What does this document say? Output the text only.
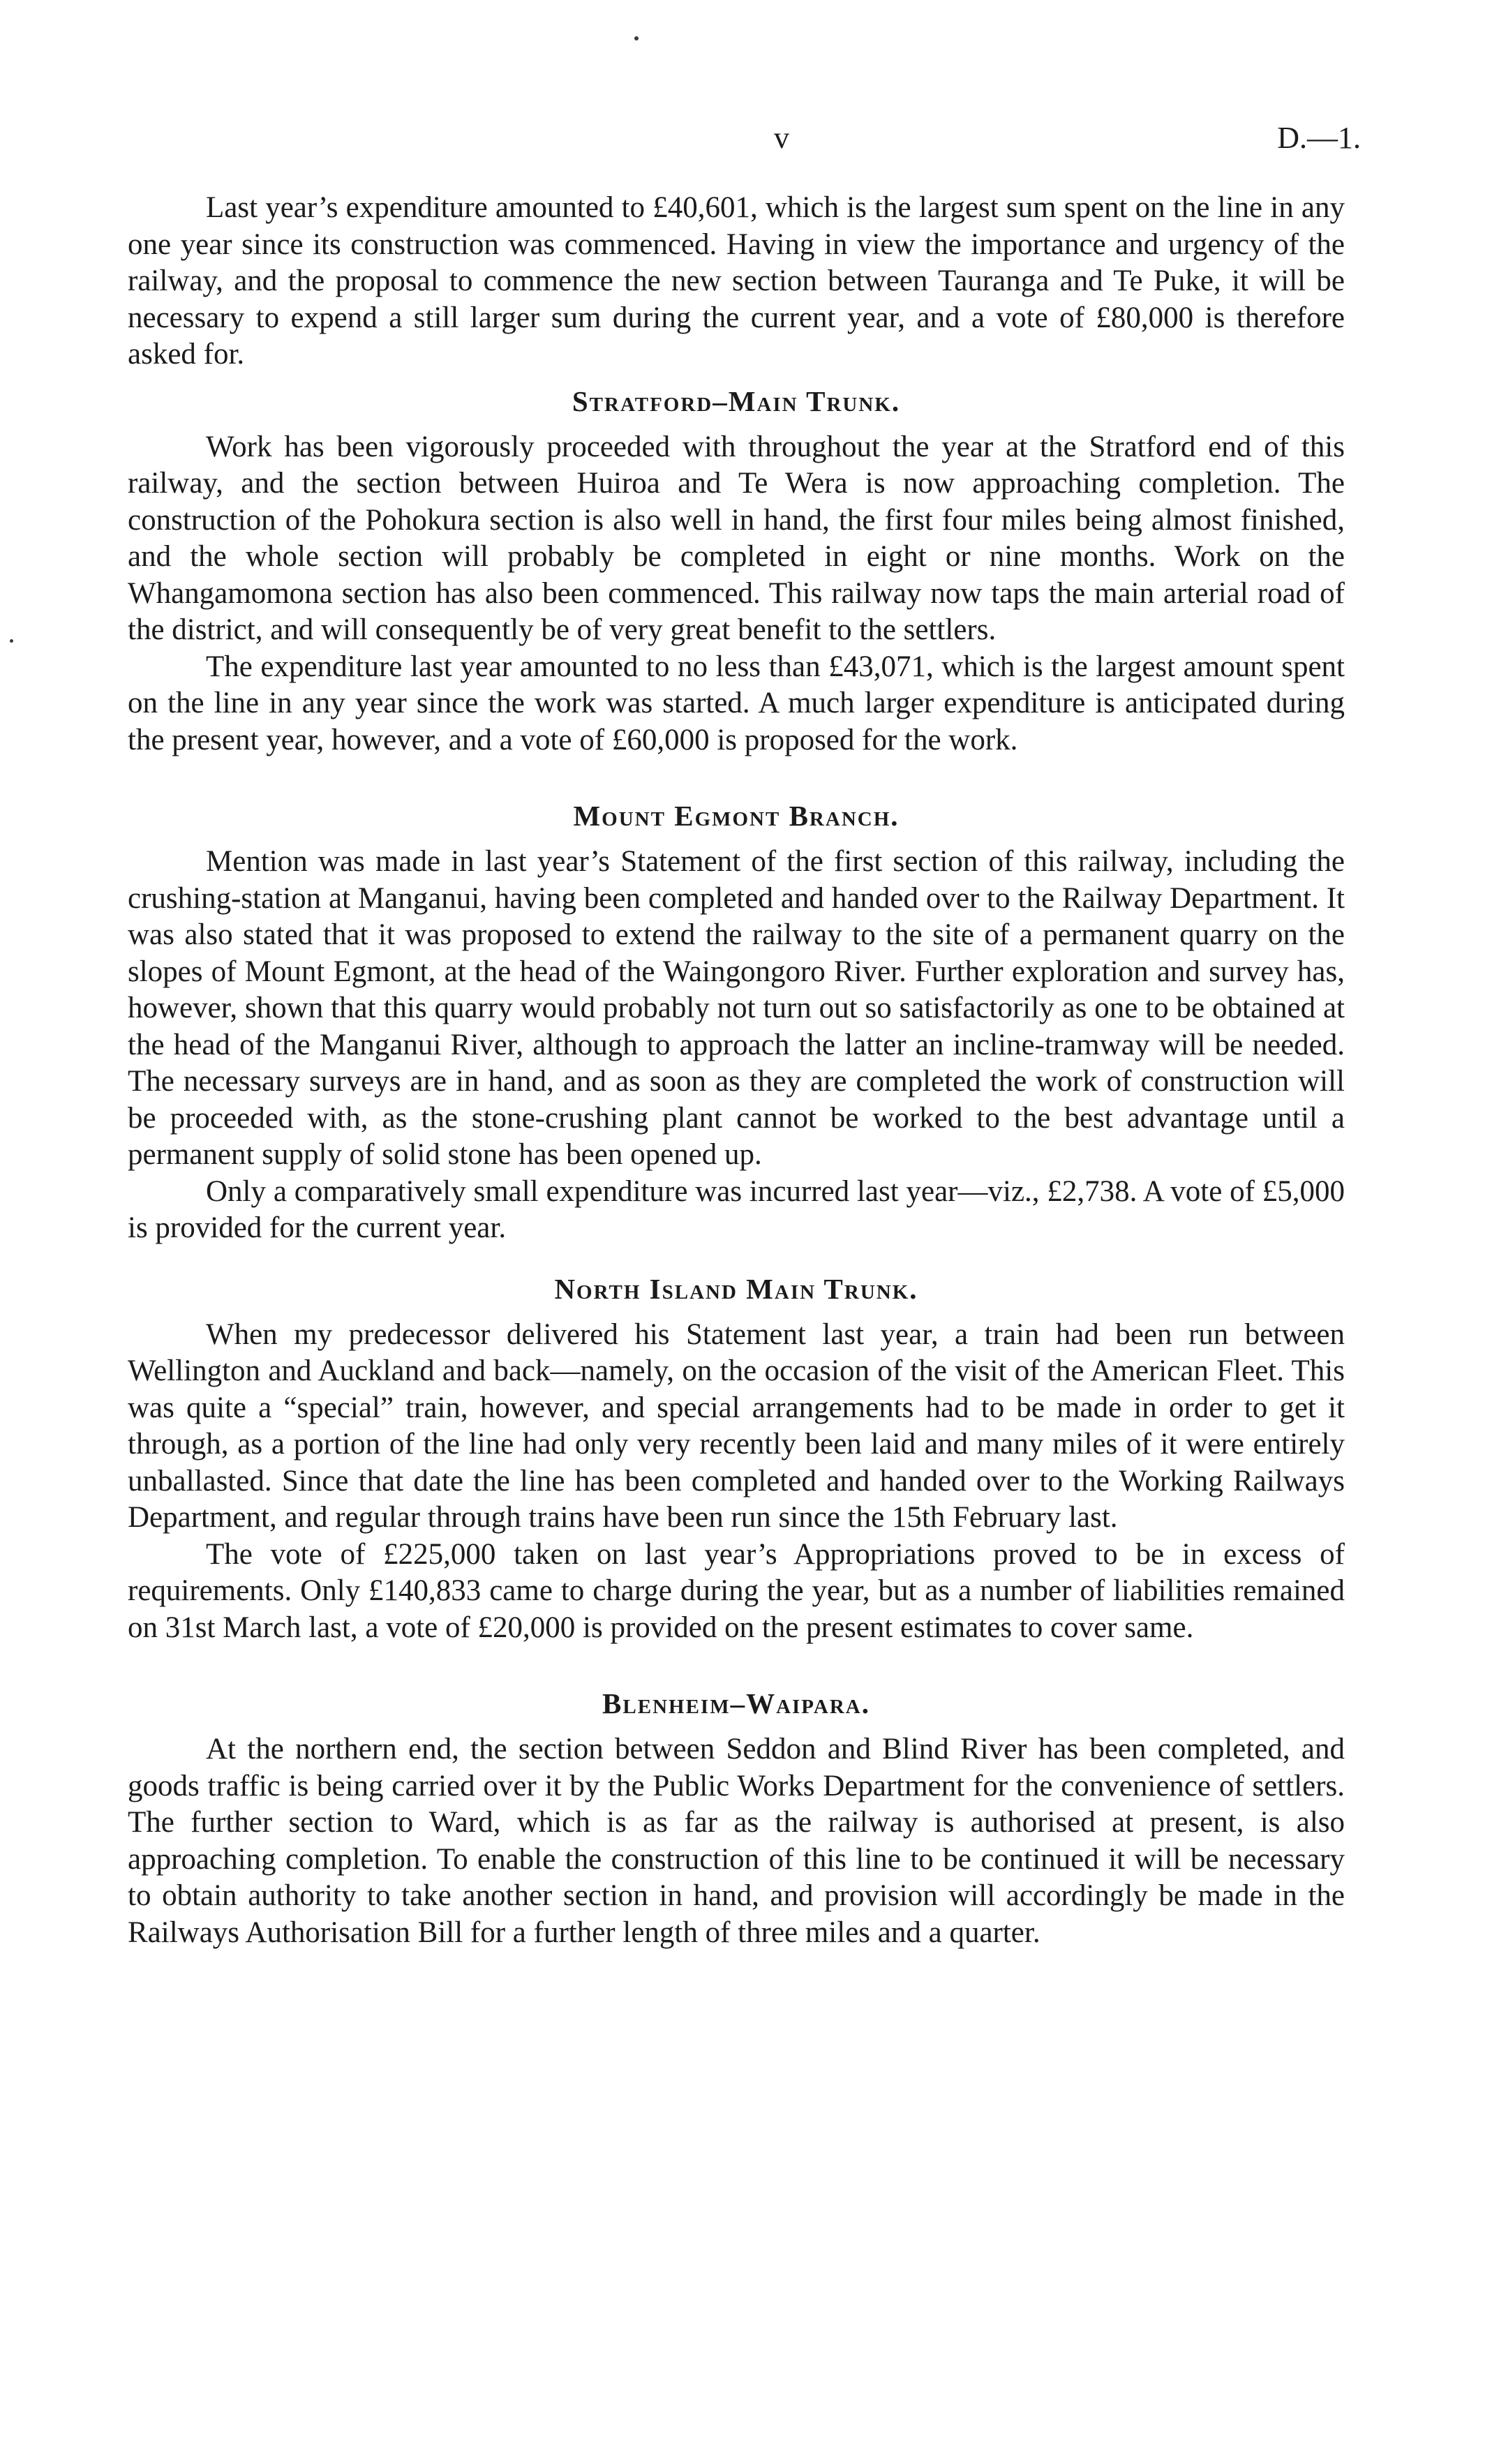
v	D.—1.

Last year’s expenditure amounted to £40,601, which is the largest sum spent on the line in any one year since its construction was commenced. Having in view the importance and urgency of the railway, and the proposal to commence the new section between Tauranga and Te Puke, it will be necessary to expend a still larger sum during the current year, and a vote of £80,000 is therefore asked for.

Stratford–Main Trunk.

Work has been vigorously proceeded with throughout the year at the Stratford end of this railway, and the section between Huiroa and Te Wera is now approaching completion. The construction of the Pohokura section is also well in hand, the first four miles being almost finished, and the whole section will probably be completed in eight or nine months. Work on the Whangamomona section has also been commenced. This railway now taps the main arterial road of the district, and will consequently be of very great benefit to the settlers.

The expenditure last year amounted to no less than £43,071, which is the largest amount spent on the line in any year since the work was started. A much larger expenditure is anticipated during the present year, however, and a vote of £60,000 is proposed for the work.

Mount Egmont Branch.

Mention was made in last year’s Statement of the first section of this railway, including the crushing-station at Manganui, having been completed and handed over to the Railway Department. It was also stated that it was proposed to extend the railway to the site of a permanent quarry on the slopes of Mount Egmont, at the head of the Waingongoro River. Further exploration and survey has, however, shown that this quarry would probably not turn out so satisfactorily as one to be obtained at the head of the Manganui River, although to approach the latter an incline-tramway will be needed. The necessary surveys are in hand, and as soon as they are completed the work of construction will be proceeded with, as the stone-crushing plant cannot be worked to the best advantage until a permanent supply of solid stone has been opened up.

Only a comparatively small expenditure was incurred last year—viz., £2,738. A vote of £5,000 is provided for the current year.

North Island Main Trunk.

When my predecessor delivered his Statement last year, a train had been run between Wellington and Auckland and back—namely, on the occasion of the visit of the American Fleet. This was quite a “special” train, however, and special arrangements had to be made in order to get it through, as a portion of the line had only very recently been laid and many miles of it were entirely unballasted. Since that date the line has been completed and handed over to the Working Railways Department, and regular through trains have been run since the 15th February last.

The vote of £225,000 taken on last year’s Appropriations proved to be in excess of requirements. Only £140,833 came to charge during the year, but as a number of liabilities remained on 31st March last, a vote of £20,000 is provided on the present estimates to cover same.

Blenheim–Waipara.

At the northern end, the section between Seddon and Blind River has been completed, and goods traffic is being carried over it by the Public Works Department for the convenience of settlers. The further section to Ward, which is as far as the railway is authorised at present, is also approaching completion. To enable the construction of this line to be continued it will be necessary to obtain authority to take another section in hand, and provision will accordingly be made in the Railways Authorisation Bill for a further length of three miles and a quarter.
